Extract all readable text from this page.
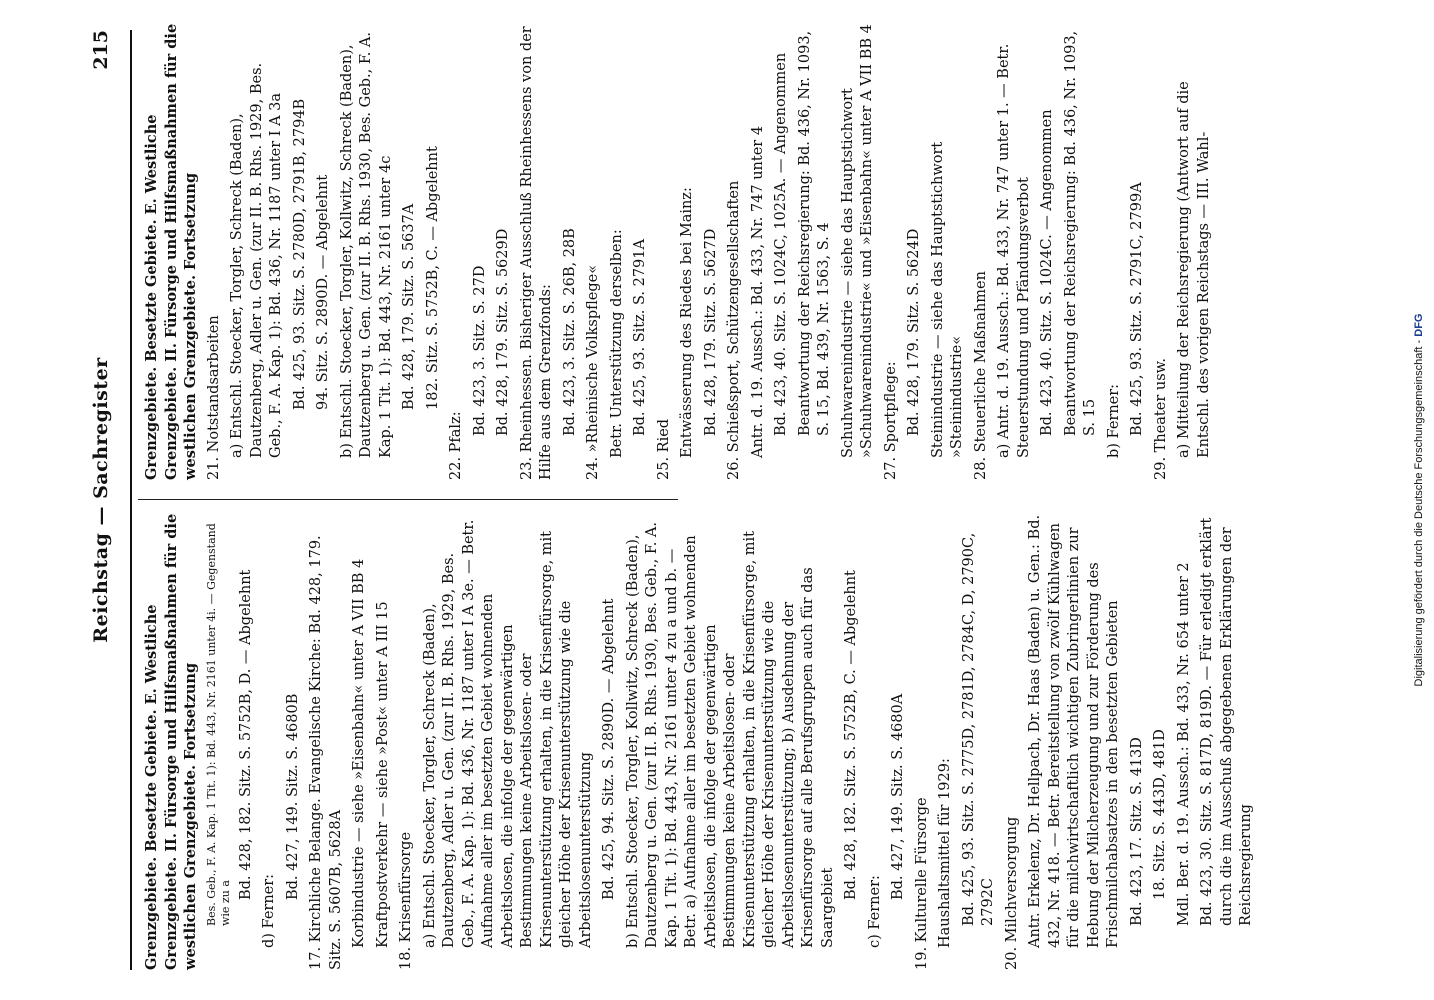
Reichstag — Sachregister
215

Grenzgebiete. Besetzte Gebiete. E. Westliche Grenzgebiete. II. Fürsorge und Hilfsmaßnahmen für die westlichen Grenzgebiete. Fortsetzung Bes. Geb., F. A. Kap. 1 Tit. 1): Bd. 443, Nr. 2161 unter 4i. — Gegenstand wie zu a

Bd. 428, 182. Sitz. S. 5752B, D. — Abgelehnt

d) Ferner:

Bd. 427, 149. Sitz. S. 4680B 17. Kirchliche Belange. Evangelische Kirche: Bd. 428, 179. Sitz. S. 5607B, 5628A Korbindustrie — siehe »Eisenbahn« unter A VII BB 4 Kraftpostverkehr — siehe »Post« unter A III 15 18. Krisenfürsorge a) Entschl. Stoecker, Torgler, Schreck (Baden), Dautzenberg, Adler u. Gen. (zur II. B. Rhs. 1929, Bes. Geb., F. A. Kap. 1): Bd. 436, Nr. 1187 unter I A 3e. — Betr. Aufnahme aller im besetzten Gebiet wohnenden Arbeitslosen, die infolge der gegenwärtigen Bestimmungen keine Arbeitslosen- oder Krisenunterstützung erhalten, in die Krisenfürsorge, mit gleicher Höhe der Krisenunterstützung wie die Arbeitslosenunterstützung Bd. 425, 94. Sitz. S. 2890D. — Abgelehnt b) Entschl. Stoecker, Torgler, Kollwitz, Schreck (Baden), Dautzenberg u. Gen. (zur II. B. Rhs. 1930, Bes. Geb., F. A. Kap. 1 Tit. 1): Bd. 443, Nr. 2161 unter 4 zu a und b. — Betr. a) Aufnahme aller im besetzten Gebiet wohnenden Arbeitslosen, die infolge der gegenwärtigen Bestimmungen keine Arbeitslosen- oder Krisenunterstützung erhalten, in die Krisenfürsorge, mit gleicher Höhe der Krisenunterstützung wie die Arbeitslosenunterstützung; b) Ausdehnung der Krisenfürsorge auf alle Berufsgruppen auch für das Saargebiet

Bd. 428, 182. Sitz. S. 5752B, C. — Abgelehnt

c) Ferner:

Bd. 427, 149. Sitz. S. 4680A 19. Kulturelle Fürsorge Haushaltsmittel für 1929: Bd. 425, 93. Sitz. S. 2775D, 2781D, 2784C, D, 2790C, 2792C 20. Milchversorgung Antr. Erkelenz, Dr. Hellpach, Dr. Haas (Baden) u. Gen.: Bd. 432, Nr. 418. — Betr. Bereitstellung von zwölf Kühlwagen für die milchwirtschaftlich wichtigen Zubringerlinien zur Hebung der Milcherzeugung und zur Förderung des Frischmilchabsatzes in den besetzten Gebieten Bd. 423, 17. Sitz. S. 413D 18. Sitz. S. 443D, 481D Mdl. Ber. d. 19. Aussch.: Bd. 433, Nr. 654 unter 2 Bd. 423, 30. Sitz. S. 817D, 819D. — Für erledigt erklärt durch die im Ausschuß abgegebenen Erklärungen der Reichsregierung

Grenzgebiete. Besetzte Gebiete. E. Westliche Grenzgebiete. II. Fürsorge und Hilfsmaßnahmen für die westlichen Grenzgebiete. Fortsetzung 21. Notstandsarbeiten a) Entschl. Stoecker, Torgler, Schreck (Baden), Dautzenberg, Adler u. Gen. (zur II. B. Rhs. 1929, Bes. Geb., F. A. Kap. 1): Bd. 436, Nr. 1187 unter I A 3a Bd. 425, 93. Sitz. S. 2780D, 2791B, 2794B 94. Sitz. S. 2890D. — Abgelehnt b) Entschl. Stoecker, Torgler, Kollwitz, Schreck (Baden), Dautzenberg u. Gen. (zur II. B. Rhs. 1930, Bes. Geb., F. A. Kap. 1 Tit. 1): Bd. 443, Nr. 2161 unter 4c Bd. 428, 179. Sitz. S. 5637A 182. Sitz. S. 5752B, C. — Abgelehnt

22. Pfalz:

Bd. 423, 3. Sitz. S. 27D Bd. 428, 179. Sitz. S. 5629D 23. Rheinhessen. Bisheriger Ausschluß Rheinhessens von der Hilfe aus dem Grenzfonds: Bd. 423, 3. Sitz. S. 26B, 28B 24. »Rheinische Volkspflege« Betr. Unterstützung derselben: Bd. 425, 93. Sitz. S. 2791A

25. Ried Entwässerung des Riedes bei Mainz: Bd. 428, 179. Sitz. S. 5627D 26. Schießsport, Schützengesellschaften Antr. d. 19. Aussch.: Bd. 433, Nr. 747 unter 4 Bd. 423, 40. Sitz. S. 1024C, 1025A. — Angenommen Beantwortung der Reichsregierung: Bd. 436, Nr. 1093, S. 15, Bd. 439, Nr. 1563, S. 4 Schuhwarenindustrie — siehe das Hauptstichwort »Schuhwarenindustrie« und »Eisenbahn« unter A VII BB 4 27. Sportpflege: Bd. 428, 179. Sitz. S. 5624D Steinindustrie — siehe das Hauptstichwort »Steinindustrie« 28. Steuerliche Maßnahmen a) Antr. d. 19. Aussch.: Bd. 433, Nr. 747 unter 1. — Betr. Steuerstundung und Pfändungsverbot Bd. 423, 40. Sitz. S. 1024C. — Angenommen Beantwortung der Reichsregierung: Bd. 436, Nr. 1093, S. 15 b) Ferner: Bd. 425, 93. Sitz. S. 2791C, 2799A 29. Theater usw. a) Mitteilung der Reichsregierung (Antwort auf die Entschl. des vorigen Reichstags — III. Wahl-

Digitalisierung gefördert durch die Deutsche Forschungsgemeinschaft - DFG
